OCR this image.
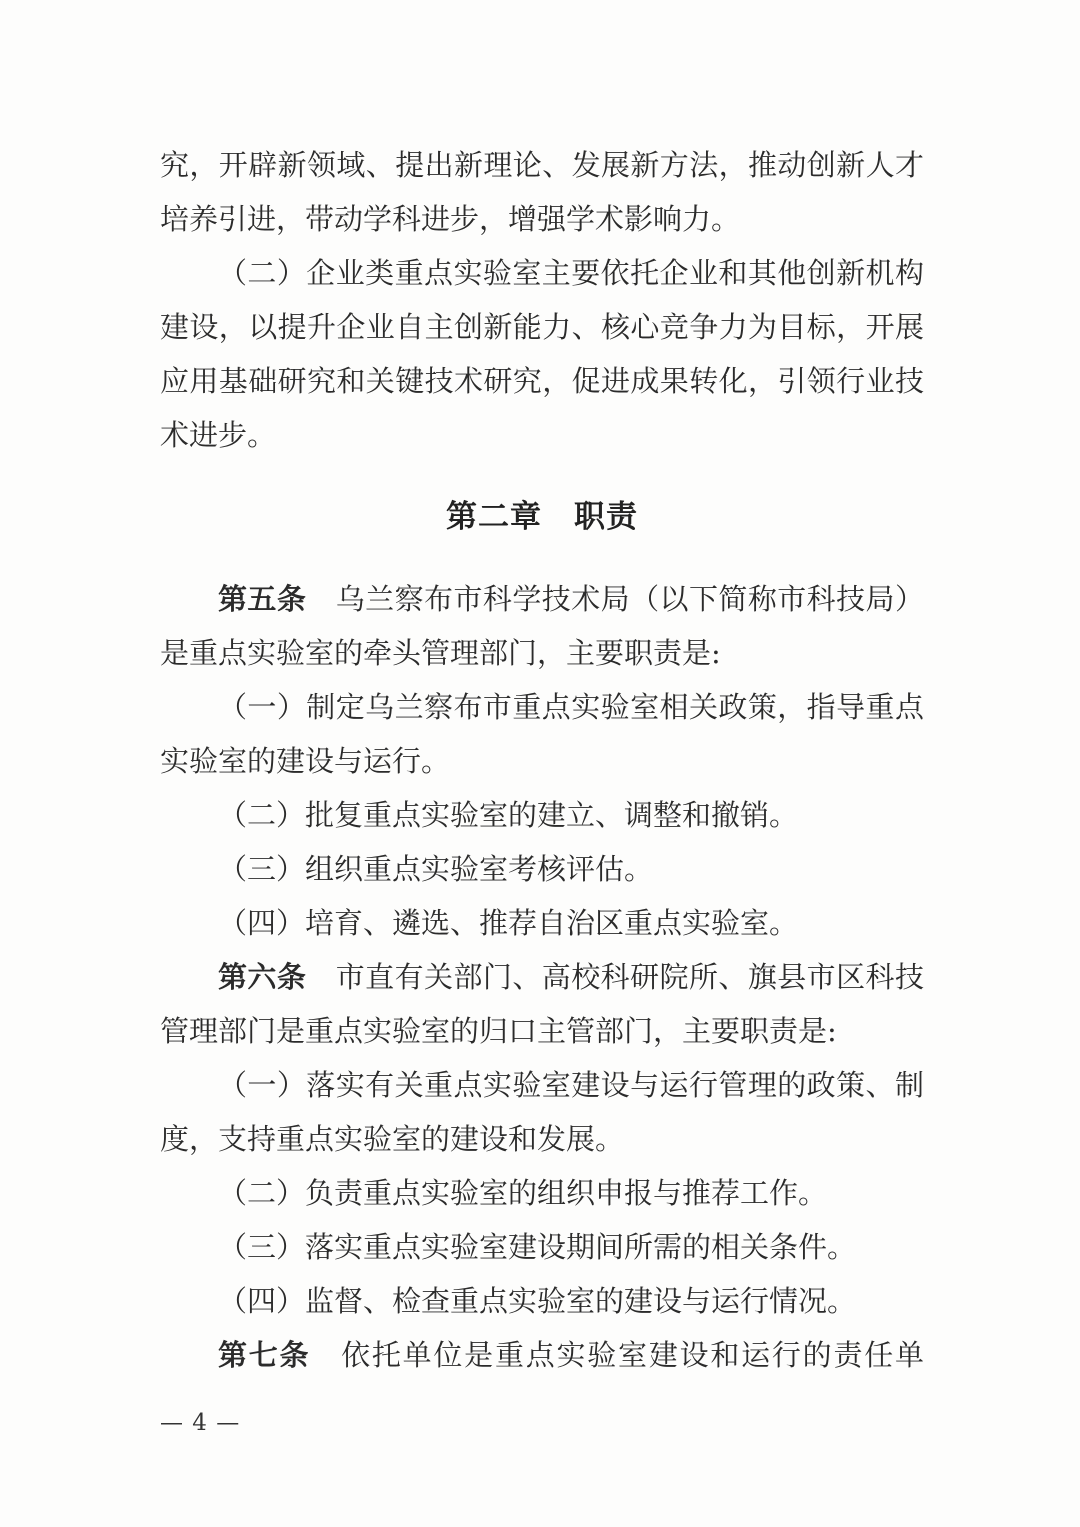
究，开辟新领域、提出新理论、发展新方法，推动创新人才
培养引进，带动学科进步，增强学术影响力。
（二）企业类重点实验室主要依托企业和其他创新机构
建设，以提升企业自主创新能力、核心竞争力为目标，开展
应用基础研究和关键技术研究，促进成果转化，引领行业技
术进步。
第二章　职责
第五条　乌兰察布市科学技术局（以下简称市科技局）
是重点实验室的牵头管理部门，主要职责是:
（一）制定乌兰察布市重点实验室相关政策，指导重点
实验室的建设与运行。
（二）批复重点实验室的建立、调整和撤销。
（三）组织重点实验室考核评估。
（四）培育、遴选、推荐自治区重点实验室。
第六条　市直有关部门、高校科研院所、旗县市区科技
管理部门是重点实验室的归口主管部门，主要职责是:
（一）落实有关重点实验室建设与运行管理的政策、制
度，支持重点实验室的建设和发展。
（二）负责重点实验室的组织申报与推荐工作。
（三）落实重点实验室建设期间所需的相关条件。
（四）监督、检查重点实验室的建设与运行情况。
第七条　依托单位是重点实验室建设和运行的责任单
— 4 —
